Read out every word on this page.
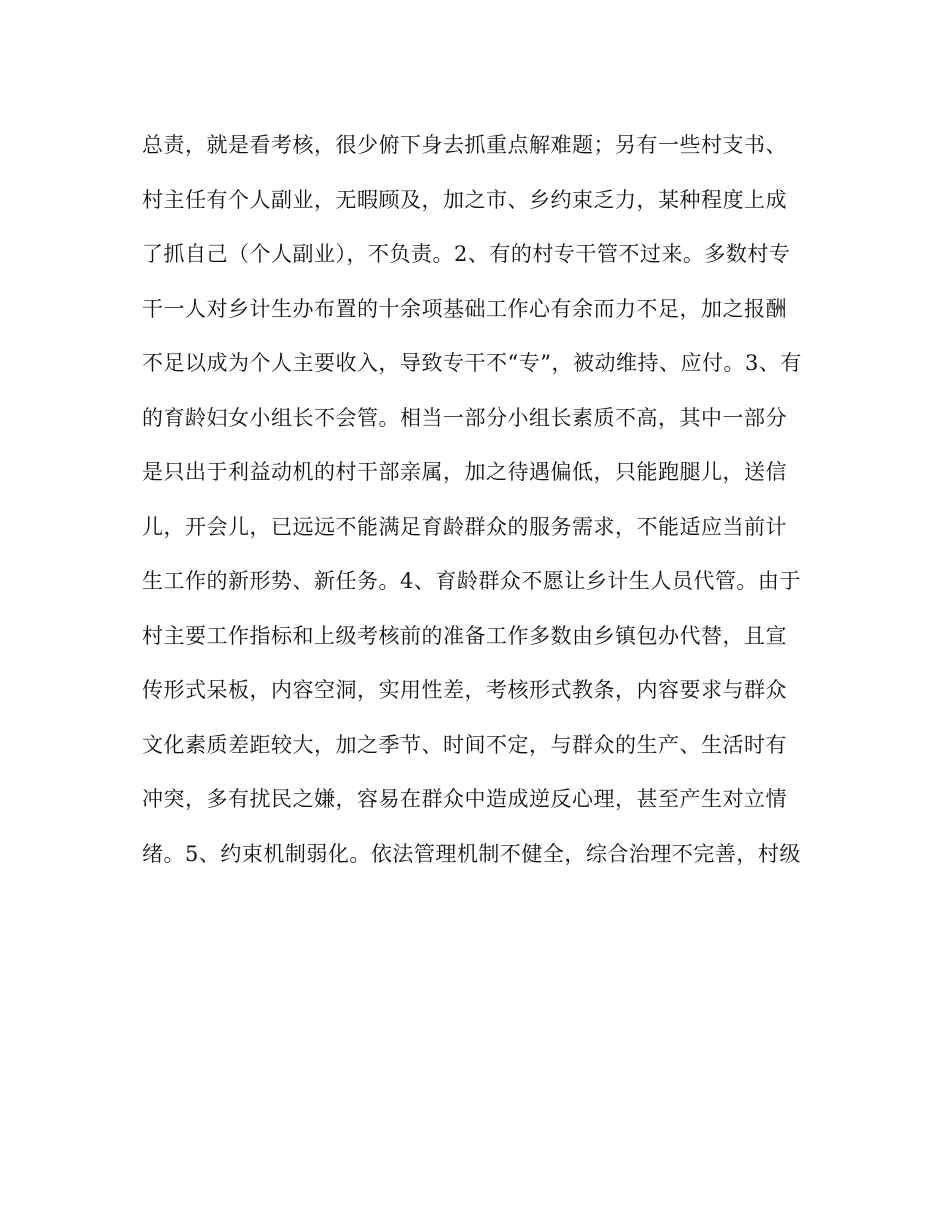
总责，就是看考核，很少俯下身去抓重点解难题；另有一些村支书、
村主任有个人副业，无暇顾及，加之市、乡约束乏力，某种程度上成
了抓自己（个人副业），不负责。2、有的村专干管不过来。多数村专
干一人对乡计生办布置的十余项基础工作心有余而力不足，加之报酬
不足以成为个人主要收入，导致专干不“专”，被动维持、应付。3、有
的育龄妇女小组长不会管。相当一部分小组长素质不高，其中一部分
是只出于利益动机的村干部亲属，加之待遇偏低，只能跑腿儿，送信
儿，开会儿，已远远不能满足育龄群众的服务需求，不能适应当前计
生工作的新形势、新任务。4、育龄群众不愿让乡计生人员代管。由于
村主要工作指标和上级考核前的准备工作多数由乡镇包办代替，且宣
传形式呆板，内容空洞，实用性差，考核形式教条，内容要求与群众
文化素质差距较大，加之季节、时间不定，与群众的生产、生活时有
冲突，多有扰民之嫌，容易在群众中造成逆反心理，甚至产生对立情
绪。5、约束机制弱化。依法管理机制不健全，综合治理不完善，村级
